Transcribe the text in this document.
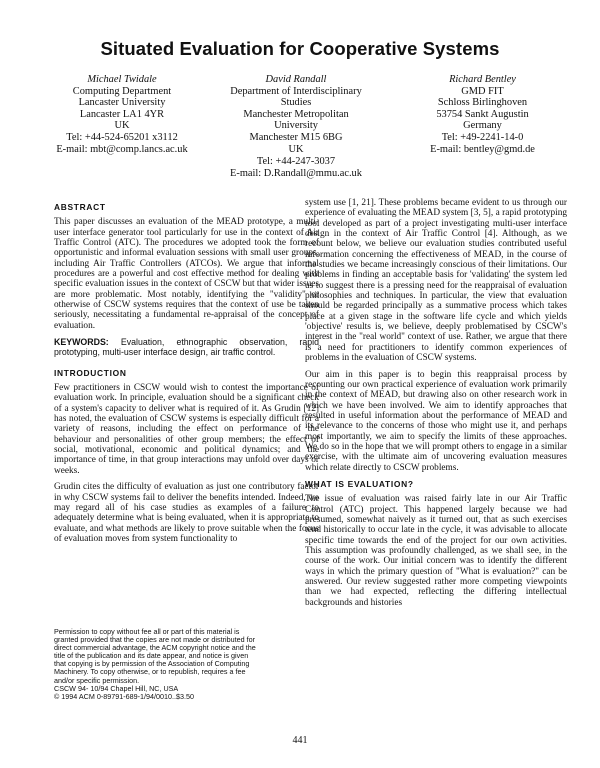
Situated Evaluation for Cooperative Systems
Michael Twidale
Computing Department
Lancaster University
Lancaster LA1 4YR
UK
Tel: +44-524-65201 x3112
E-mail: mbt@comp.lancs.ac.uk
David Randall
Department of Interdisciplinary
Studies
Manchester Metropolitan
University
Manchester M15 6BG
UK
Richard Bentley
GMD FIT
Schloss Birlinghoven
53754 Sankt Augustin
Germany
Tel: +49-2241-14-0
E-mail: bentley@gmd.de
Tel: +44-247-3037
E-mail: D.Randall@mmu.ac.uk
ABSTRACT

This paper discusses an evaluation of the MEAD prototype, a multi-user interface generator tool particularly for use in the context of Air Traffic Control (ATC). The procedures we adopted took the form of opportunistic and informal evaluation sessions with small user groups, including Air Traffic Controllers (ATCOs). We argue that informal procedures are a powerful and cost effective method for dealing with specific evaluation issues in the context of CSCW but that wider issues are more problematic. Most notably, identifying the "validity" or otherwise of CSCW systems requires that the context of use be taken seriously, necessitating a fundamental re-appraisal of the concept of evaluation.

KEYWORDS: Evaluation, ethnographic observation, rapid prototyping, multi-user interface design, air traffic control.
INTRODUCTION

Few practitioners in CSCW would wish to contest the importance of evaluation work. In principle, evaluation should be a significant check of a system's capacity to deliver what is required of it. As Grudin [12] has noted, the evaluation of CSCW systems is especially difficult for a variety of reasons, including the effect on performance of the behaviour and personalities of other group members; the effect of social, motivational, economic and political dynamics; and the importance of time, in that group interactions may unfold over days or weeks.

Grudin cites the difficulty of evaluation as just one contributory factor in why CSCW systems fail to deliver the benefits intended. Indeed, we may regard all of his case studies as examples of a failure to adequately determine what is being evaluated, when it is appropriate to evaluate, and what methods are likely to prove suitable when the focus of evaluation moves from system functionality to

Permission to copy without fee all or part of this material is

granted provided that the copies are not made or distributed for

direct commercial advantage, the ACM copyright notice and the

title of the publication and its date appear, and notice is given

that copying is by permission of the Association of Computing

Machinery. To copy otherwise, or to republish, requires a fee

and/or specific permission.

CSCW 94- 10/94 Chapel Hill, NC, USA

© 1994 ACM 0-89791-689-1/94/0010..$3.50

system use [1, 21]. These problems became evident to us through our experience of evaluating the MEAD system [3, 5], a rapid prototyping tool developed as part of a project investigating multi-user interface design in the context of Air Traffic Control [4]. Although, as we recount below, we believe our evaluation studies contributed useful information concerning the effectiveness of MEAD, in the course of the studies we became increasingly conscious of their limitations. Our problems in finding an acceptable basis for 'validating' the system led us to suggest there is a pressing need for the reappraisal of evaluation philosophies and techniques. In particular, the view that evaluation should be regarded principally as a summative process which takes place at a given stage in the software life cycle and which yields 'objective' results is, we believe, deeply problematised by CSCW's interest in the "real world" context of use. Rather, we argue that there is a need for practitioners to identify common experiences of problems in the evaluation of CSCW systems.

Our aim in this paper is to begin this reappraisal process by recounting our own practical experience of evaluation work primarily in the context of MEAD, but drawing also on other research work in which we have been involved. We aim to identify approaches that resulted in useful information about the performance of MEAD and its relevance to the concerns of those who might use it, and perhaps most importantly, we aim to specify the limits of these approaches. We do so in the hope that we will prompt others to engage in a similar exercise, with the ultimate aim of uncovering evaluation measures which relate directly to CSCW problems.

WHAT IS EVALUATION?

The issue of evaluation was raised fairly late in our Air Traffic Control (ATC) project. This happened largely because we had presumed, somewhat naively as it turned out, that as such exercises tend historically to occur late in the cycle, it was advisable to allocate specific time towards the end of the project for our own activities. This assumption was profoundly challenged, as we shall see, in the course of the work. Our initial concern was to identify the different ways in which the primary question of "What is evaluation?" can be answered. Our review suggested rather more competing viewpoints than we had expected, reflecting the differing intellectual backgrounds and histories

441
